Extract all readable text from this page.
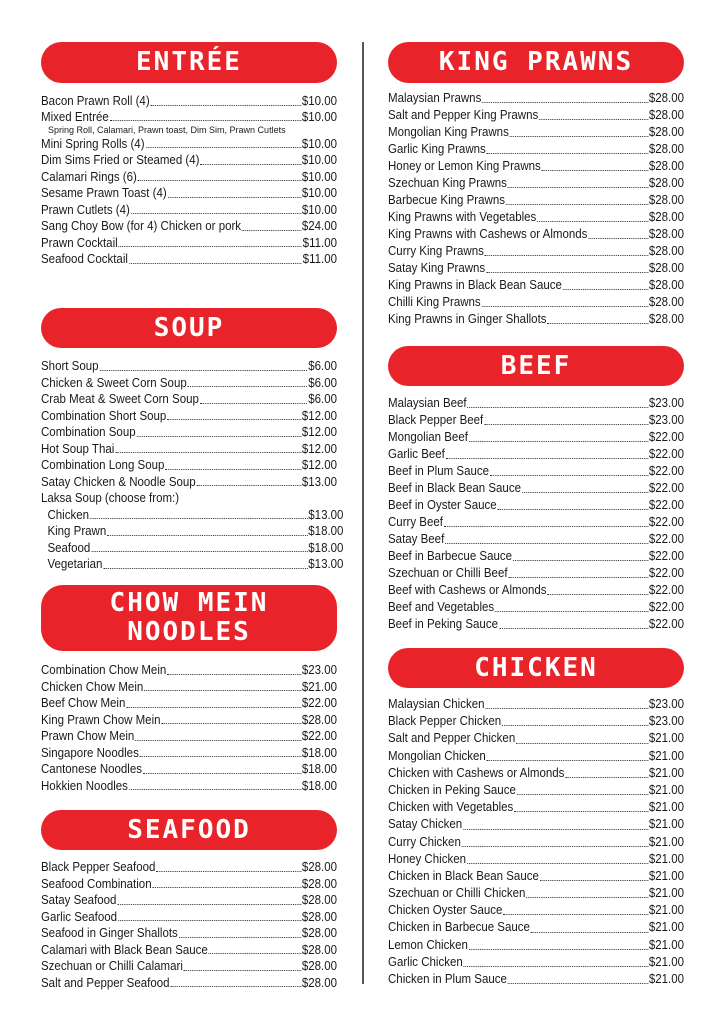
ENTRÉE
Bacon Prawn Roll (4)	$10.00
Mixed Entrée	$10.00
Spring Roll, Calamari, Prawn toast, Dim Sim, Prawn Cutlets
Mini Spring Rolls (4)	$10.00
Dim Sims Fried or Steamed (4)	$10.00
Calamari Rings (6)	$10.00
Sesame Prawn Toast (4)	$10.00
Prawn Cutlets (4)	$10.00
Sang Choy Bow (for 4) Chicken or pork	$24.00
Prawn Cocktail	$11.00
Seafood Cocktail	$11.00
SOUP
Short Soup	$6.00
Chicken & Sweet Corn Soup	$6.00
Crab Meat & Sweet Corn Soup	$6.00
Combination Short Soup	$12.00
Combination Soup	$12.00
Hot Soup Thai	$12.00
Combination Long Soup	$12.00
Satay Chicken & Noodle Soup	$13.00
Laksa Soup (choose from:)
Chicken	$13.00
King Prawn	$18.00
Seafood	$18.00
Vegetarian	$13.00
CHOW MEIN
NOODLES
Combination Chow Mein	$23.00
Chicken Chow Mein	$21.00
Beef Chow Mein	$22.00
King Prawn Chow Mein	$28.00
Prawn Chow Mein	$22.00
Singapore Noodles	$18.00
Cantonese Noodles	$18.00
Hokkien Noodles	$18.00
SEAFOOD
Black Pepper Seafood	$28.00
Seafood Combination	$28.00
Satay Seafood	$28.00
Garlic Seafood	$28.00
Seafood in Ginger Shallots	$28.00
Calamari with Black Bean Sauce	$28.00
Szechuan or Chilli Calamari	$28.00
Salt and Pepper Seafood	$28.00
KING PRAWNS
Malaysian Prawns	$28.00
Salt and Pepper King Prawns	$28.00
Mongolian King Prawns	$28.00
Garlic King Prawns	$28.00
Honey or Lemon King Prawns	$28.00
Szechuan King Prawns	$28.00
Barbecue King Prawns	$28.00
King Prawns with Vegetables	$28.00
King Prawns with Cashews or Almonds	$28.00
Curry King Prawns	$28.00
Satay King Prawns	$28.00
King Prawns in Black Bean Sauce	$28.00
Chilli King Prawns	$28.00
King Prawns in Ginger Shallots	$28.00
BEEF
Malaysian Beef	$23.00
Black Pepper Beef	$23.00
Mongolian Beef	$22.00
Garlic Beef	$22.00
Beef in Plum Sauce	$22.00
Beef in Black Bean Sauce	$22.00
Beef in Oyster Sauce	$22.00
Curry Beef	$22.00
Satay Beef	$22.00
Beef in Barbecue Sauce	$22.00
Szechuan or Chilli Beef	$22.00
Beef with Cashews or Almonds	$22.00
Beef and Vegetables	$22.00
Beef in Peking Sauce	$22.00
CHICKEN
Malaysian Chicken	$23.00
Black Pepper Chicken	$23.00
Salt and Pepper Chicken	$21.00
Mongolian Chicken	$21.00
Chicken with Cashews or Almonds	$21.00
Chicken in Peking Sauce	$21.00
Chicken with Vegetables	$21.00
Satay Chicken	$21.00
Curry Chicken	$21.00
Honey Chicken	$21.00
Chicken in Black Bean Sauce	$21.00
Szechuan or Chilli Chicken	$21.00
Chicken Oyster Sauce	$21.00
Chicken in Barbecue Sauce	$21.00
Lemon Chicken	$21.00
Garlic Chicken	$21.00
Chicken in Plum Sauce	$21.00
